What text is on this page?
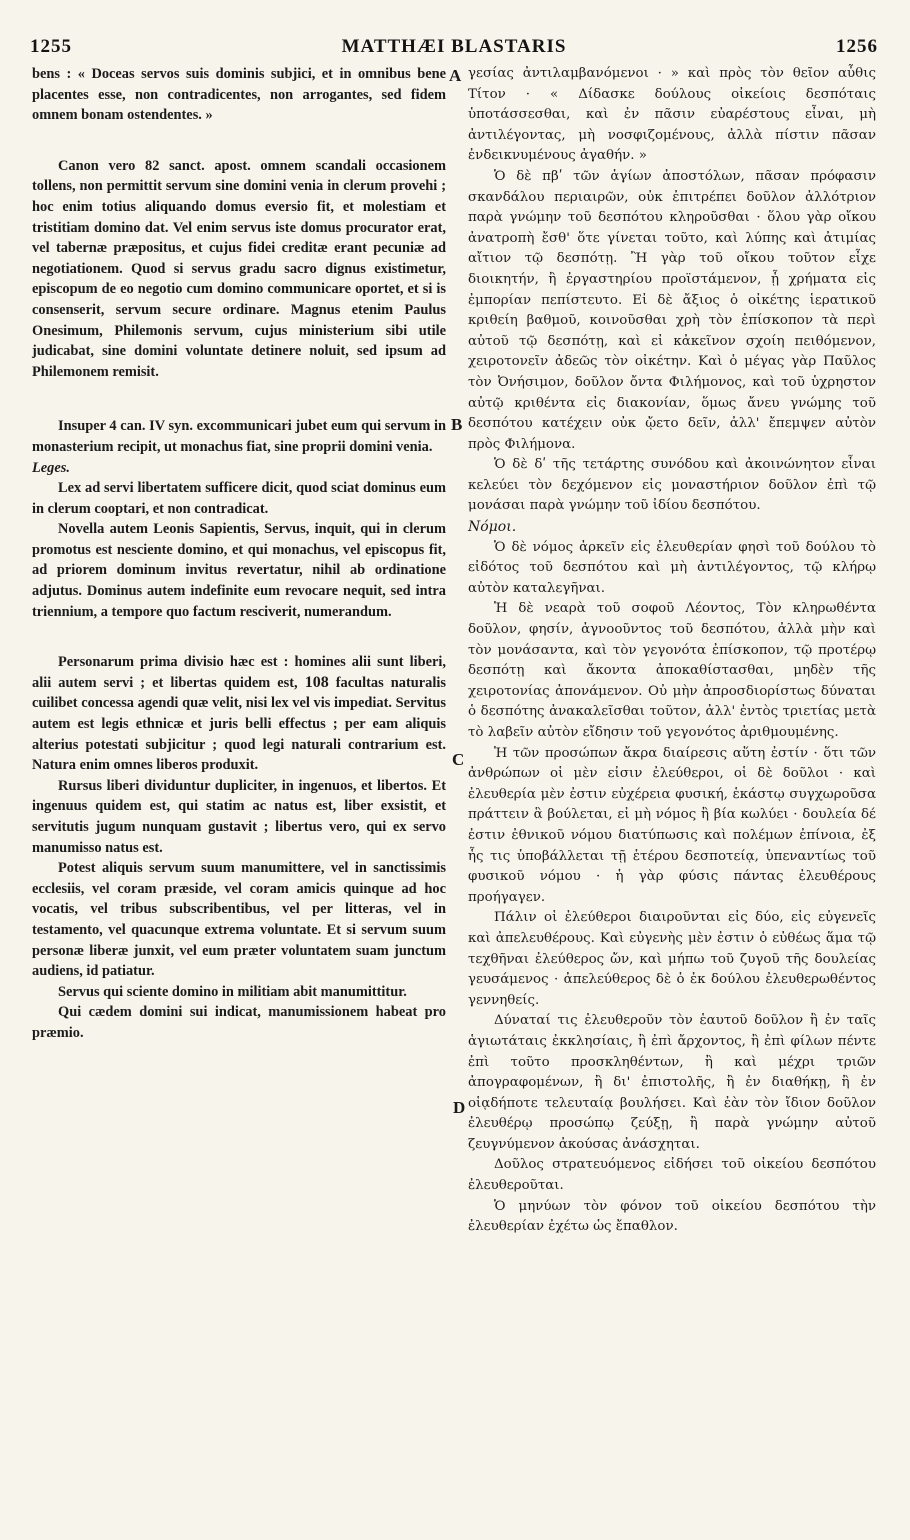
1255	MATTHÆI BLASTARIS	1256
A
B
C
D

bens : « Doceas servos suis dominis subjici, et in omnibus bene placentes esse, non contradicentes, non arrogantes, sed fidem omnem bonam ostendentes. »

Canon vero 82 sanct. apost. omnem scandali occasionem tollens, non permittit servum sine domini venia in clerum provehi ; hoc enim totius aliquando domus eversio fit, et molestiam et tristitiam domino dat. Vel enim servus iste domus procurator erat, vel tabernæ præpositus, et cujus fidei creditæ erant pecuniæ ad negotiationem. Quod si servus gradu sacro dignus existimetur, episcopum de eo negotio cum domino communicare oportet, et si is consenserit, servum secure ordinare. Magnus etenim Paulus Onesimum, Philemonis servum, cujus ministerium sibi utile judicabat, sine domini voluntate detinere noluit, sed ipsum ad Philemonem remisit.

Insuper 4 can. IV syn. excommunicari jubet eum qui servum in monasterium recipit, ut monachus fiat, sine proprii domini venia.

Leges.

Lex ad servi libertatem sufficere dicit, quod sciat dominus eum in clerum cooptari, et non contradicat.

Novella autem Leonis Sapientis, Servus, inquit, qui in clerum promotus est nesciente domino, et qui monachus, vel episcopus fit, ad priorem dominum invitus revertatur, nihil ab ordinatione adjutus. Dominus autem indefinite eum revocare nequit, sed intra triennium, a tempore quo factum resciverit, numerandum.

Personarum prima divisio hæc est : homines alii sunt liberi, alii autem servi ; et libertas quidem est, 108 facultas naturalis cuilibet concessa agendi quæ velit, nisi lex vel vis impediat. Servitus autem est legis ethnicæ et juris belli effectus ; per eam aliquis alterius potestati subjicitur ; quod legi naturali contrarium est. Natura enim omnes liberos produxit.

Rursus liberi dividuntur dupliciter, in ingenuos, et libertos. Et ingenuus quidem est, qui statim ac natus est, liber exsistit, et servitutis jugum nunquam gustavit ; libertus vero, qui ex servo manumisso natus est.

Potest aliquis servum suum manumittere, vel in sanctissimis ecclesiis, vel coram præside, vel coram amicis quinque ad hoc vocatis, vel tribus subscribentibus, vel per litteras, vel in testamento, vel quacunque extrema voluntate. Et si servum suum personæ liberæ junxit, vel eum præter voluntatem suam junctum audiens, id patiatur.

Servus qui sciente domino in militiam abit manumittitur.

Qui cædem domini sui indicat, manumissionem habeat pro præmio.

γεσίας ἀντιλαμβανόμενοι · » καὶ πρὸς τὸν θεῖον αὖθις Τίτον · « Δίδασκε δούλους οἰκείοις δεσπόταις ὑποτάσσεσθαι, καὶ ἐν πᾶσιν εὐαρέστους εἶναι, μὴ ἀντιλέγοντας, μὴ νοσφιζομένους, ἀλλὰ πίστιν πᾶσαν ἐνδεικνυμένους ἀγαθήν. »

Ὁ δὲ πβʹ τῶν ἁγίων ἀποστόλων, πᾶσαν πρόφασιν σκανδάλου περιαιρῶν, οὐκ ἐπιτρέπει δοῦλον ἀλλότριον παρὰ γνώμην τοῦ δεσπότου κληροῦσθαι · ὅλου γὰρ οἴκου ἀνατροπὴ ἔσθ' ὅτε γίνεται τοῦτο, καὶ λύπης καὶ ἀτιμίας αἴτιον τῷ δεσπότῃ. Ἢ γὰρ τοῦ οἴκου τοῦτον εἶχε διοικητήν, ἢ ἐργαστηρίου προϊστάμενον, ᾗ χρήματα εἰς ἐμπορίαν πεπίστευτο. Εἰ δὲ ἄξιος ὁ οἰκέτης ἱερατικοῦ κριθείη βαθμοῦ, κοινοῦσθαι χρὴ τὸν ἐπίσκοπον τὰ περὶ αὐτοῦ τῷ δεσπότῃ, καὶ εἰ κἀκεῖνον σχοίη πειθόμενον, χειροτονεῖν ἀδεῶς τὸν οἰκέτην. Καὶ ὁ μέγας γὰρ Παῦλος τὸν Ὀνήσιμον, δοῦλον ὄντα Φιλήμονος, καὶ τοῦ ὑχρηστον αὐτῷ κριθέντα εἰς διακονίαν, ὅμως ἄνευ γνώμης τοῦ δεσπότου κατέχειν οὐκ ᾤετο δεῖν, ἀλλ' ἔπεμψεν αὐτὸν πρὸς Φιλήμονα.

Ὁ δὲ δʹ τῆς τετάρτης συνόδου καὶ ἀκοινώνητον εἶναι κελεύει τὸν δεχόμενον εἰς μοναστήριον δοῦλον ἐπὶ τῷ μονάσαι παρὰ γνώμην τοῦ ἰδίου δεσπότου.

Νόμοι.

Ὁ δὲ νόμος ἀρκεῖν εἰς ἐλευθερίαν φησὶ τοῦ δούλου τὸ εἰδότος τοῦ δεσπότου καὶ μὴ ἀντιλέγοντος, τῷ κλήρῳ αὐτὸν καταλεγῆναι.

Ἡ δὲ νεαρὰ τοῦ σοφοῦ Λέοντος, Τὸν κληρωθέντα δοῦλον, φησίν, ἀγνοοῦντος τοῦ δεσπότου, ἀλλὰ μὴν καὶ τὸν μονάσαντα, καὶ τὸν γεγονότα ἐπίσκοπον, τῷ προτέρῳ δεσπότῃ καὶ ἄκοντα ἀποκαθίστασθαι, μηδὲν τῆς χειροτονίας ἀπονάμενον. Οὐ μὴν ἀπροσδιορίστως δύναται ὁ δεσπότης ἀνακαλεῖσθαι τοῦτον, ἀλλ' ἐντὸς τριετίας μετὰ τὸ λαβεῖν αὐτὸν εἴδησιν τοῦ γεγονότος ἀριθμουμένης.

Ἡ τῶν προσώπων ἄκρα διαίρεσις αὕτη ἐστίν · ὅτι τῶν ἀνθρώπων οἱ μὲν εἰσιν ἐλεύθεροι, οἱ δὲ δοῦλοι · καὶ ἐλευθερία μὲν ἐστιν εὐχέρεια φυσική, ἑκάστῳ συγχωροῦσα πράττειν ἃ βούλεται, εἰ μὴ νόμος ἢ βία κωλύει · δουλεία δέ ἐστιν ἐθνικοῦ νόμου διατύπωσις καὶ πολέμων ἐπίνοια, ἐξ ἧς τις ὑποβάλλεται τῇ ἑτέρου δεσποτείᾳ, ὑπεναντίως τοῦ φυσικοῦ νόμου · ἡ γὰρ φύσις πάντας ἐλευθέρους προήγαγεν.

Πάλιν οἱ ἐλεύθεροι διαιροῦνται εἰς δύο, εἰς εὐγενεῖς καὶ ἀπελευθέρους. Καὶ εὐγενὴς μὲν ἐστιν ὁ εὐθέως ἅμα τῷ τεχθῆναι ἐλεύθερος ὤν, καὶ μήπω τοῦ ζυγοῦ τῆς δουλείας γευσάμενος · ἀπελεύθερος δὲ ὁ ἐκ δούλου ἐλευθερωθέντος γεννηθείς.

Δύναταί τις ἐλευθεροῦν τὸν ἑαυτοῦ δοῦλον ἢ ἐν ταῖς ἁγιωτάταις ἐκκλησίαις, ἢ ἐπὶ ἄρχοντος, ἢ ἐπὶ φίλων πέντε ἐπὶ τοῦτο προσκληθέντων, ἢ καὶ μέχρι τριῶν ἀπογραφομένων, ἢ δι' ἐπιστολῆς, ἢ ἐν διαθήκῃ, ἢ ἐν οἱᾳδήποτε τελευταίᾳ βουλήσει. Καὶ ἐὰν τὸν ἴδιον δοῦλον ἐλευθέρῳ προσώπῳ ζεύξῃ, ἢ παρὰ γνώμην αὐτοῦ ζευγνύμενον ἀκούσας ἀνάσχηται.

Δοῦλος στρατευόμενος εἰδήσει τοῦ οἰκείου δεσπότου ἐλευθεροῦται.

Ὁ μηνύων τὸν φόνον τοῦ οἰκείου δεσπότου τὴν ἐλευθερίαν ἐχέτω ὡς ἔπαθλον.
